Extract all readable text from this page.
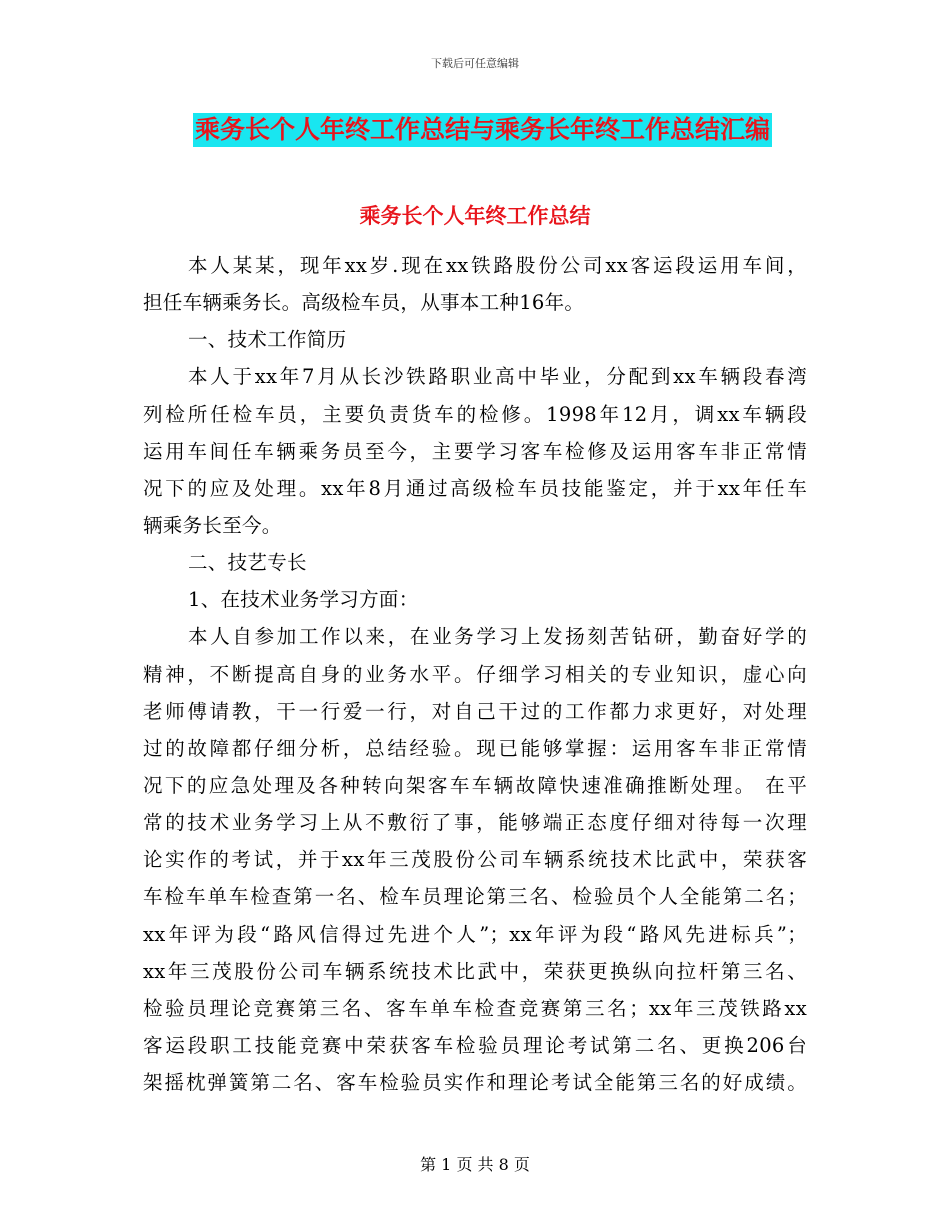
下载后可任意编辑
乘务长个人年终工作总结与乘务长年终工作总结汇编
乘务长个人年终工作总结
本人某某，现年xx岁.现在xx铁路股份公司xx客运段运用车间，
担任车辆乘务长。高级检车员，从事本工种16年。
一、技术工作简历
本人于xx年7月从长沙铁路职业高中毕业，分配到xx车辆段春湾
列检所任检车员，主要负责货车的检修。1998年12月，调xx车辆段
运用车间任车辆乘务员至今，主要学习客车检修及运用客车非正常情
况下的应及处理。xx年8月通过高级检车员技能鉴定，并于xx年任车
辆乘务长至今。
二、技艺专长
1、在技术业务学习方面：
本人自参加工作以来，在业务学习上发扬刻苦钻研，勤奋好学的
精神，不断提高自身的业务水平。仔细学习相关的专业知识，虚心向
老师傅请教，干一行爱一行，对自己干过的工作都力求更好，对处理
过的故障都仔细分析，总结经验。现已能够掌握：运用客车非正常情
况下的应急处理及各种转向架客车车辆故障快速准确推断处理。 在平
常的技术业务学习上从不敷衍了事，能够端正态度仔细对待每一次理
论实作的考试，并于xx年三茂股份公司车辆系统技术比武中，荣获客
车检车单车检查第一名、检车员理论第三名、检验员个人全能第二名；
xx年评为段“路风信得过先进个人”；xx年评为段“路风先进标兵”；
xx年三茂股份公司车辆系统技术比武中，荣获更换纵向拉杆第三名、
检验员理论竞赛第三名、客车单车检查竞赛第三名；xx年三茂铁路xx
客运段职工技能竞赛中荣获客车检验员理论考试第二名、更换206台
架摇枕弹簧第二名、客车检验员实作和理论考试全能第三名的好成绩。
第 1 页 共 8 页
